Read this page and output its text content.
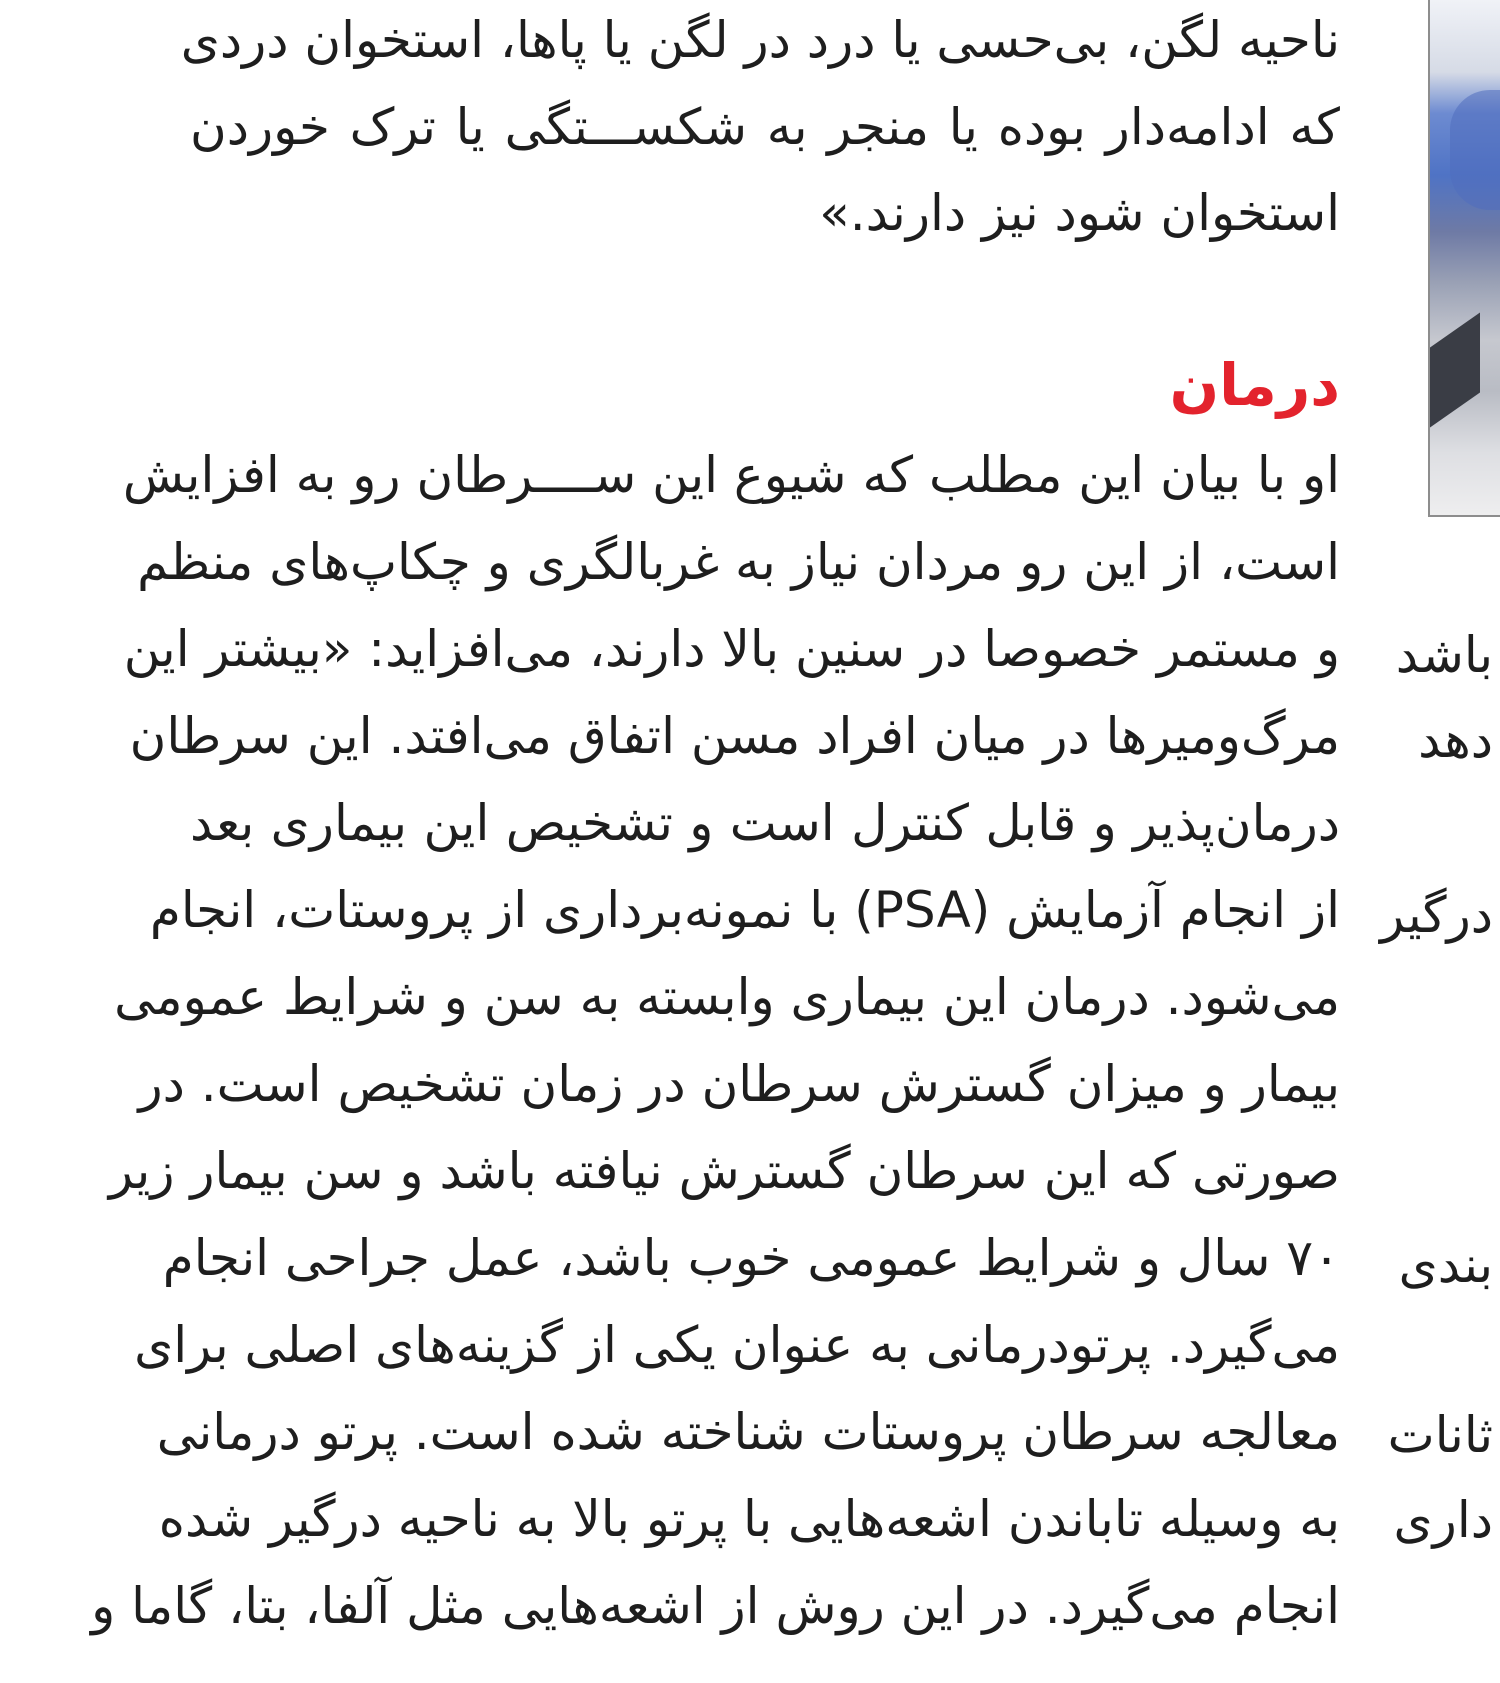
ناحیه لگن، بی‌حسی یا درد در لگن یا پاها، استخوان دردی
که ادامه‌دار بوده یا منجر به شکســـتگی یا ترک خوردن
استخوان شود نیز دارند.»
درمان
او با بیان این مطلب که شیوع این ســــرطان رو به افزایش
است، از این رو مردان نیاز به غربالگری و چکاپ‌های منظم
و مستمر خصوصا در سنین بالا دارند، می‌افزاید: «بیشتر این
مرگ‌ومیرها در میان افراد مسن اتفاق می‌افتد. این سرطان
درمان‌پذیر و قابل کنترل است و تشخیص این بیماری بعد
از انجام آزمایش (PSA) با نمونه‌برداری از پروستات، انجام
می‌شود. درمان این بیماری وابسته به سن و شرایط عمومی
بیمار و میزان گسترش سرطان در زمان تشخیص است. در
صورتی که این سرطان گسترش نیافته باشد و سن بیمار زیر
۷۰ سال و شرایط عمومی خوب باشد، عمل جراحی انجام
می‌گیرد. پرتودرمانی به عنوان یکی از گزینه‌های اصلی برای
معالجه سرطان پروستات شناخته شده است. پرتو درمانی
به وسیله تاباندن اشعه‌هایی با پرتو بالا به ناحیه درگیر شده
انجام می‌گیرد. در این روش از اشعه‌هایی مثل آلفا، بتا، گاما و
باشد
دهد
درگیر
بندی
ثانات
داری
